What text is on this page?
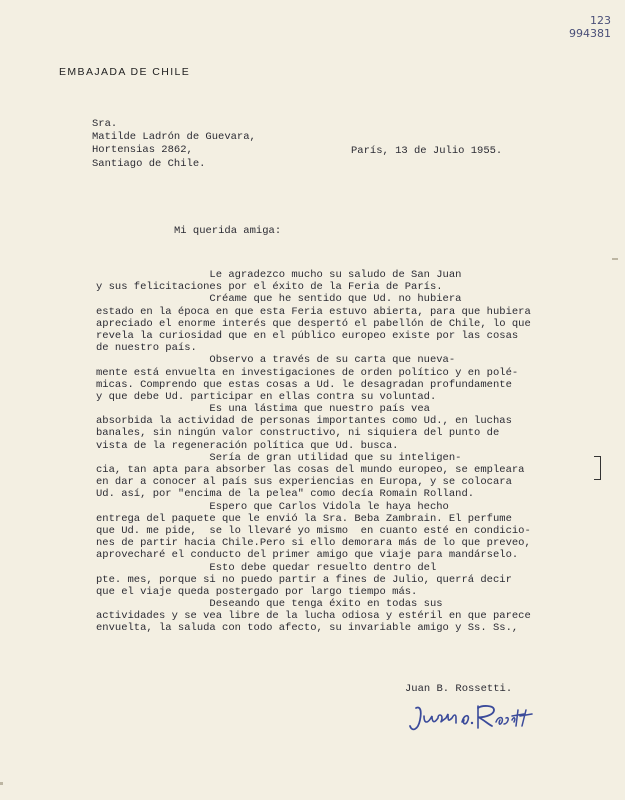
123
994381
EMBAJADA DE CHILE
Sra.
Matilde Ladrón de Guevara,
Hortensias 2862,
Santiago de Chile.
París, 13 de Julio 1955.
Mi querida amiga:
Le agradezco mucho su saludo de San Juan
y sus felicitaciones por el éxito de la Feria de París.
Créame que he sentido que Ud. no hubiera
estado en la época en que esta Feria estuvo abierta, para que hubiera
apreciado el enorme interés que despertó el pabellón de Chile, lo que
revela la curiosidad que en el público europeo existe por las cosas
de nuestro país.
Observo a través de su carta que nueva-
mente está envuelta en investigaciones de orden político y en polé-
micas. Comprendo que estas cosas a Ud. le desagradan profundamente
y que debe Ud. participar en ellas contra su voluntad.
Es una lástima que nuestro país vea
absorbida la actividad de personas importantes como Ud., en luchas
banales, sin ningún valor constructivo, ni siquiera del punto de
vista de la regeneración política que Ud. busca.
Sería de gran utilidad que su inteligen-
cia, tan apta para absorber las cosas del mundo europeo, se empleara
en dar a conocer al país sus experiencias en Europa, y se colocara
Ud. así, por "encima de la pelea" como decía Romain Rolland.
Espero que Carlos Vidola le haya hecho
entrega del paquete que le envió la Sra. Beba Zambrain. El perfume
que Ud. me pide,  se lo llevaré yo mismo  en cuanto esté en condicio-
nes de partir hacia Chile.Pero si ello demorara más de lo que preveo,
aprovecharé el conducto del primer amigo que viaje para mandárselo.
Esto debe quedar resuelto dentro del
pte. mes, porque si no puedo partir a fines de Julio, querrá decir
que el viaje queda postergado por largo tiempo más.
Deseando que tenga éxito en todas sus
actividades y se vea libre de la lucha odiosa y estéril en que parece
envuelta, la saluda con todo afecto, su invariable amigo y Ss. Ss.,
Juan B. Rossetti.
